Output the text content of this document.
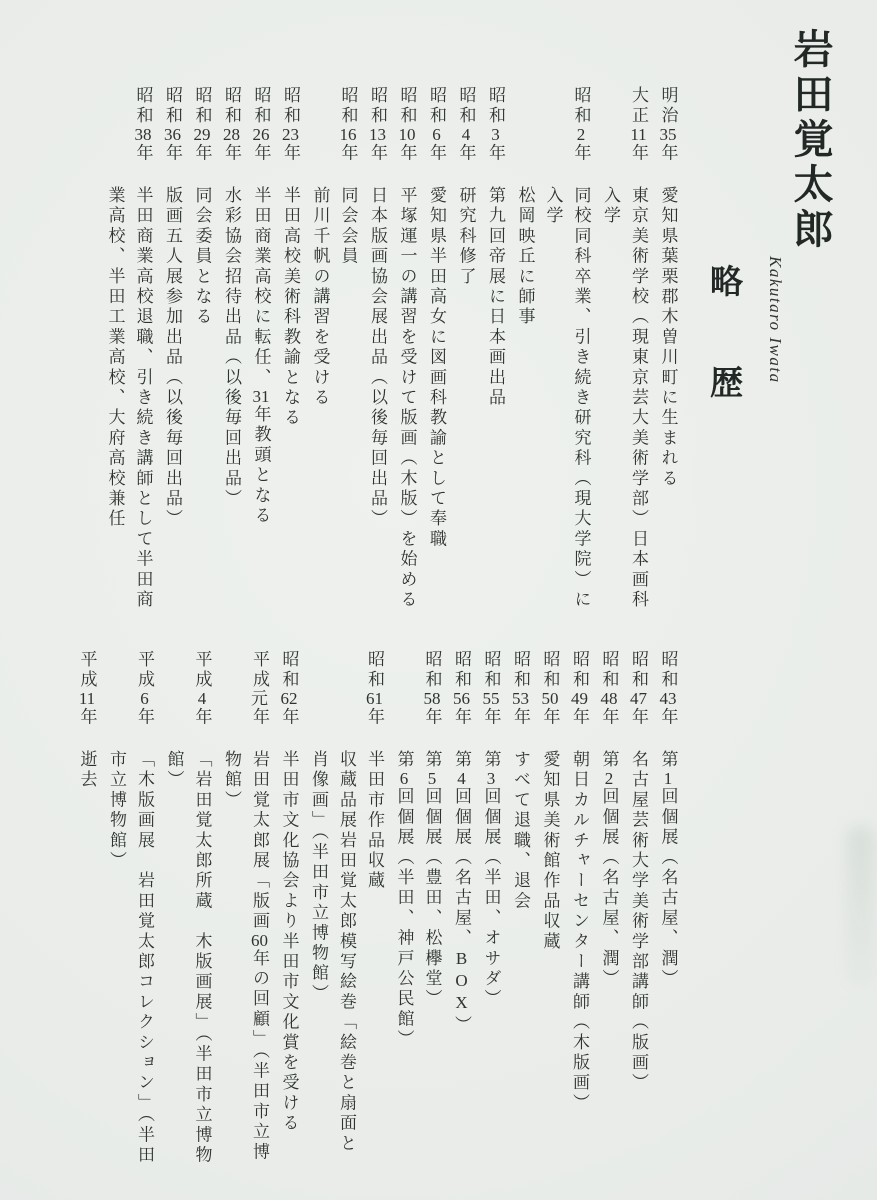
岩田覚太郎
Kakutaro Iwata
略歴
明治35年愛知県葉栗郡木曽川町に生まれる
大正11年東京美術学校（現東京芸大美術学部）日本画科入学
昭和2年同校同科卒業、引き続き研究科（現大学院）に入学
松岡映丘に師事
昭和3年第九回帝展に日本画出品
昭和4年研究科修了
昭和6年愛知県半田高女に図画科教諭として奉職
昭和10年平塚運一の講習を受けて版画（木版）を始める
昭和13年日本版画協会展出品（以後毎回出品）
昭和16年同会会員
前川千帆の講習を受ける
昭和23年半田高校美術科教諭となる
昭和26年半田商業高校に転任、31年教頭となる
昭和28年水彩協会招待出品（以後毎回出品）
昭和29年同会委員となる
昭和36年版画五人展参加出品（以後毎回出品）
昭和38年半田商業高校退職、引き続き講師として半田商業高校、半田工業高校、大府高校兼任
昭和43年第1回個展（名古屋、潤）
昭和47年名古屋芸術大学美術学部講師（版画）
昭和48年第2回個展（名古屋、潤）
昭和49年朝日カルチャーセンター講師（木版画）
昭和50年愛知県美術館作品収蔵
昭和53年すべて退職、退会
昭和55年第3回個展（半田、オサダ）
昭和56年第4回個展（名古屋、BOX）
昭和58年第5回個展（豊田、松欅堂）
第6回個展（半田、神戸公民館）
昭和61年半田市作品収蔵
収蔵品展岩田覚太郎模写絵巻「絵巻と扇面と肖像画」（半田市立博物館）
昭和62年半田市文化協会より半田市文化賞を受ける
平成元年岩田覚太郎展「版画60年の回顧」（半田市立博物館）
平成4年「岩田覚太郎所蔵　木版画展」（半田市立博物館）
平成6年「木版画展　岩田覚太郎コレクション」（半田市立博物館）
平成11年逝去
